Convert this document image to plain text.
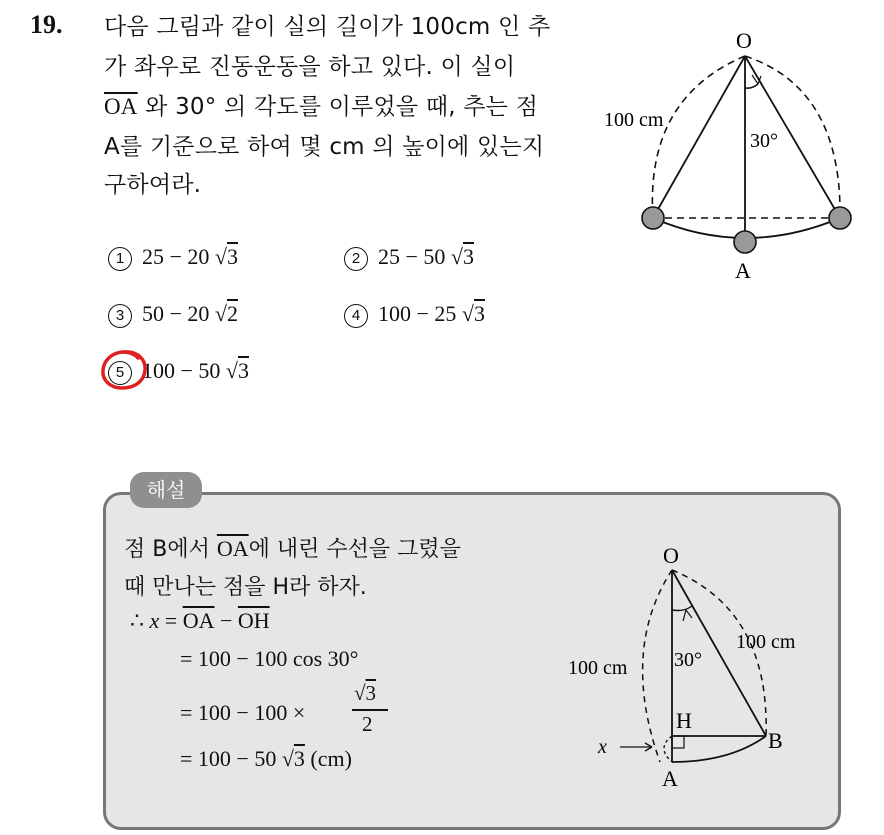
19. 다음 그림과 같이 실의 길이가 100cm 인 추
가 좌우로 진동운동을 하고 있다. 이 실이
$\overline{OA}$ 와 30° 의 각도를 이루었을 때, 추는 점
A를 기준으로 하여 몇 cm 의 높이에 있는지
구하여라.
1 25 − 20 √3	2 25 − 50 √3
3 50 − 20 √2	4 100 − 25 √3
5 100 − 50 √3
O
A
100 cm
30°
해설
점 B에서 $\overline{OA}$에 내린 수선을 그렸을
때 만나는 점을 H라 하자.
∴ $x = \overline{OA} - \overline{OH}$
= 100 − 100 cos 30°
= 100 − 100 ×
√3
2
= 100 − 50 √3 (cm)
O
A
B
H
x
100 cm
100 cm
30°
